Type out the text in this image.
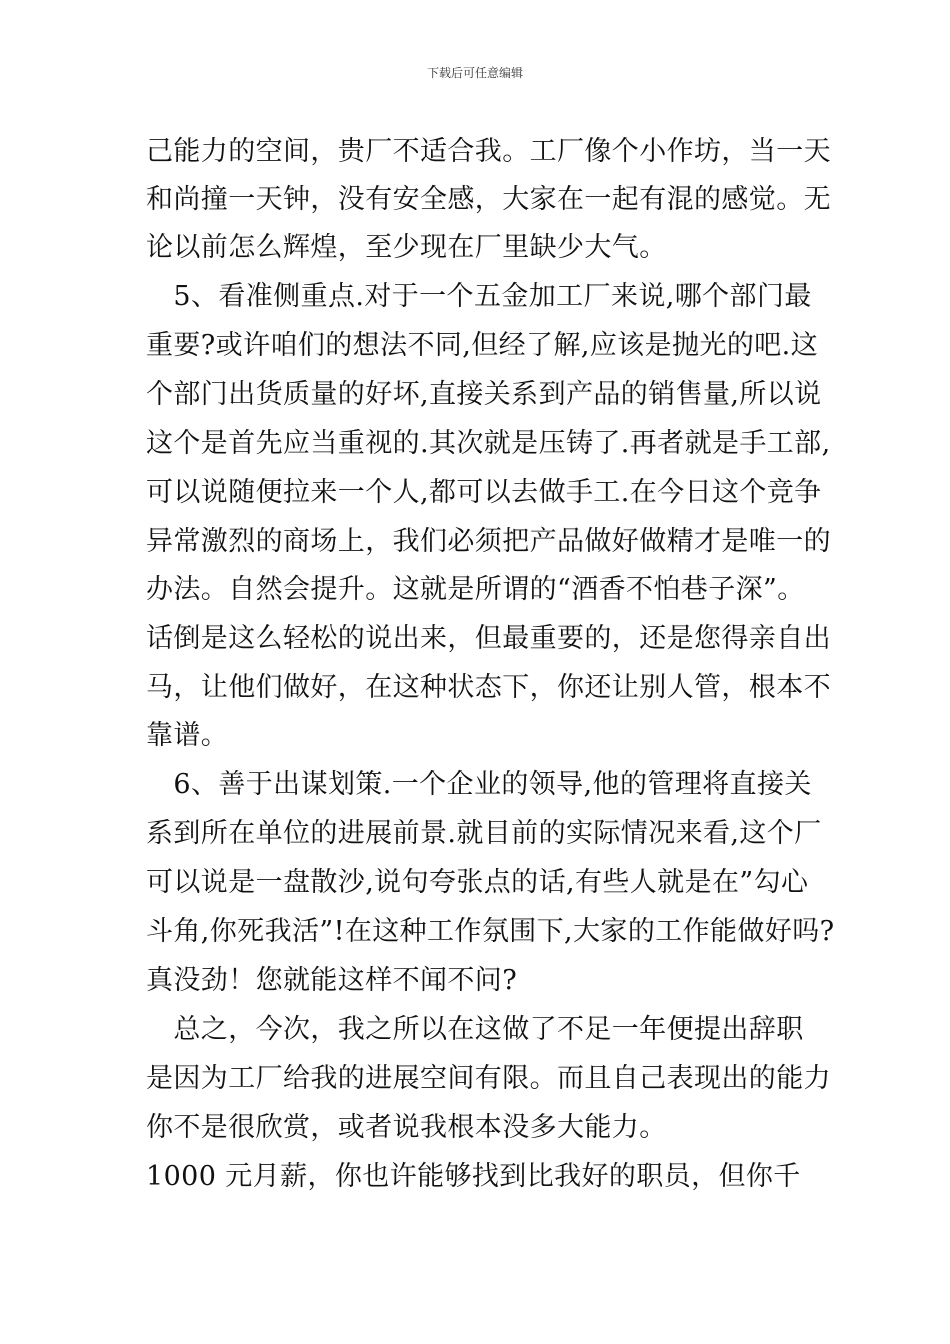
下载后可任意编辑
己能力的空间，贵厂不适合我。工厂像个小作坊，当一天
和尚撞一天钟，没有安全感，大家在一起有混的感觉。无
论以前怎么辉煌，至少现在厂里缺少大气。
　5、看准侧重点.对于一个五金加工厂来说,哪个部门最
重要?或许咱们的想法不同,但经了解,应该是抛光的吧.这
个部门出货质量的好坏,直接关系到产品的销售量,所以说
这个是首先应当重视的.其次就是压铸了.再者就是手工部,
可以说随便拉来一个人,都可以去做手工.在今日这个竞争
异常激烈的商场上，我们必须把产品做好做精才是唯一的
办法。自然会提升。这就是所谓的“酒香不怕巷子深”。
话倒是这么轻松的说出来，但最重要的，还是您得亲自出
马，让他们做好，在这种状态下，你还让别人管，根本不
靠谱。
　6、善于出谋划策.一个企业的领导,他的管理将直接关
系到所在单位的进展前景.就目前的实际情况来看,这个厂
可以说是一盘散沙,说句夸张点的话,有些人就是在”勾心
斗角,你死我活”!在这种工作氛围下,大家的工作能做好吗?
真没劲！您就能这样不闻不问?
　总之，今次，我之所以在这做了不足一年便提出辞职
是因为工厂给我的进展空间有限。而且自己表现出的能力
你不是很欣赏，或者说我根本没多大能力。
1000 元月薪，你也许能够找到比我好的职员，但你千
